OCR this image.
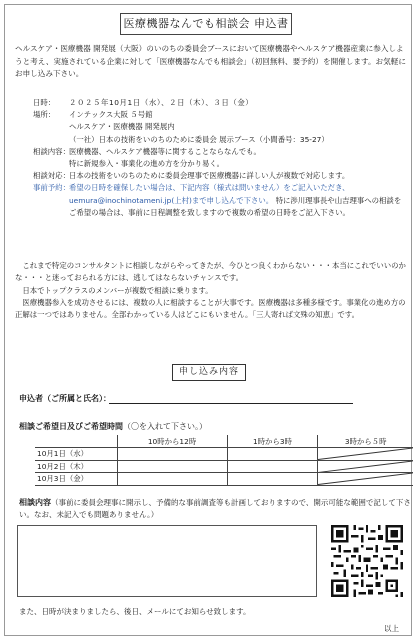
医療機器なんでも相談会 申込書
ヘルスケア・医療機器 開発展（大阪）のいのちの委員会ブースにおいて医療機器やヘルスケア機器産業に参入しようと考え、実施されている企業に対して「医療機器なんでも相談会」（初回無料、要予約）を開催します。お気軽にお申し込み下さい。
日時：	２０２５年10月1日（水）、２日（木）、３日（金）
場所：	インテックス大阪 ５号館
ヘルスケア・医療機器 開発展内
（一社）日本の技術をいのちのために委員会 展示ブース（小間番号：35-27）
相談内容： 医療機器、ヘルスケア機器等に関することならなんでも。
特に新規参入・事業化の進め方を分かり易く。
相談対応： 日本の技術をいのちのために委員会理事で医療機器に詳しい人が複数で対応します。
事前予約： 希望の日時を確保したい場合は、下記内容（様式は問いません）をご記入いただき、uemura@inochinotameni.jp(上村)まで申し込んで下さい。 特に渉川理事長や山吉理事への相談をご希望の場合は、事前に日程調整を致しますので複数の希望の日時をご記入下さい。

これまで特定のコンサルタントに相談しながらやってきたが、今ひとつ良くわからない・・・本当にこれでいいのかな・・・と迷っておられる方には、逃してはならないチャンスです。

日本でトップクラスのメンバーが複数で相談に乗ります。

医療機器参入を成功させるには、複数の人に相談することが大事です。医療機器は多種多様です。事業化の進め方の正解は一つではありません。全部わかっている人はどこにもいません。「三人寄れば文殊の知恵」です。

申し込み内容
申込者（ご所属と氏名）：
相談ご希望日及びご希望時間（〇を入れて下さい。）
	10時から12時	1時から3時	3時から５時
10月1日（水）			

10月2日（木）			

10月3日（金）			
相談内容（事前に委員会理事に開示し、予備的な事前調査等も計画しておりますので、開示可能な範囲で記して下さい。なお、未記入でも問題ありません。）
また、日時が決まりましたら、後日、メールにてお知らせ致します。
以上
